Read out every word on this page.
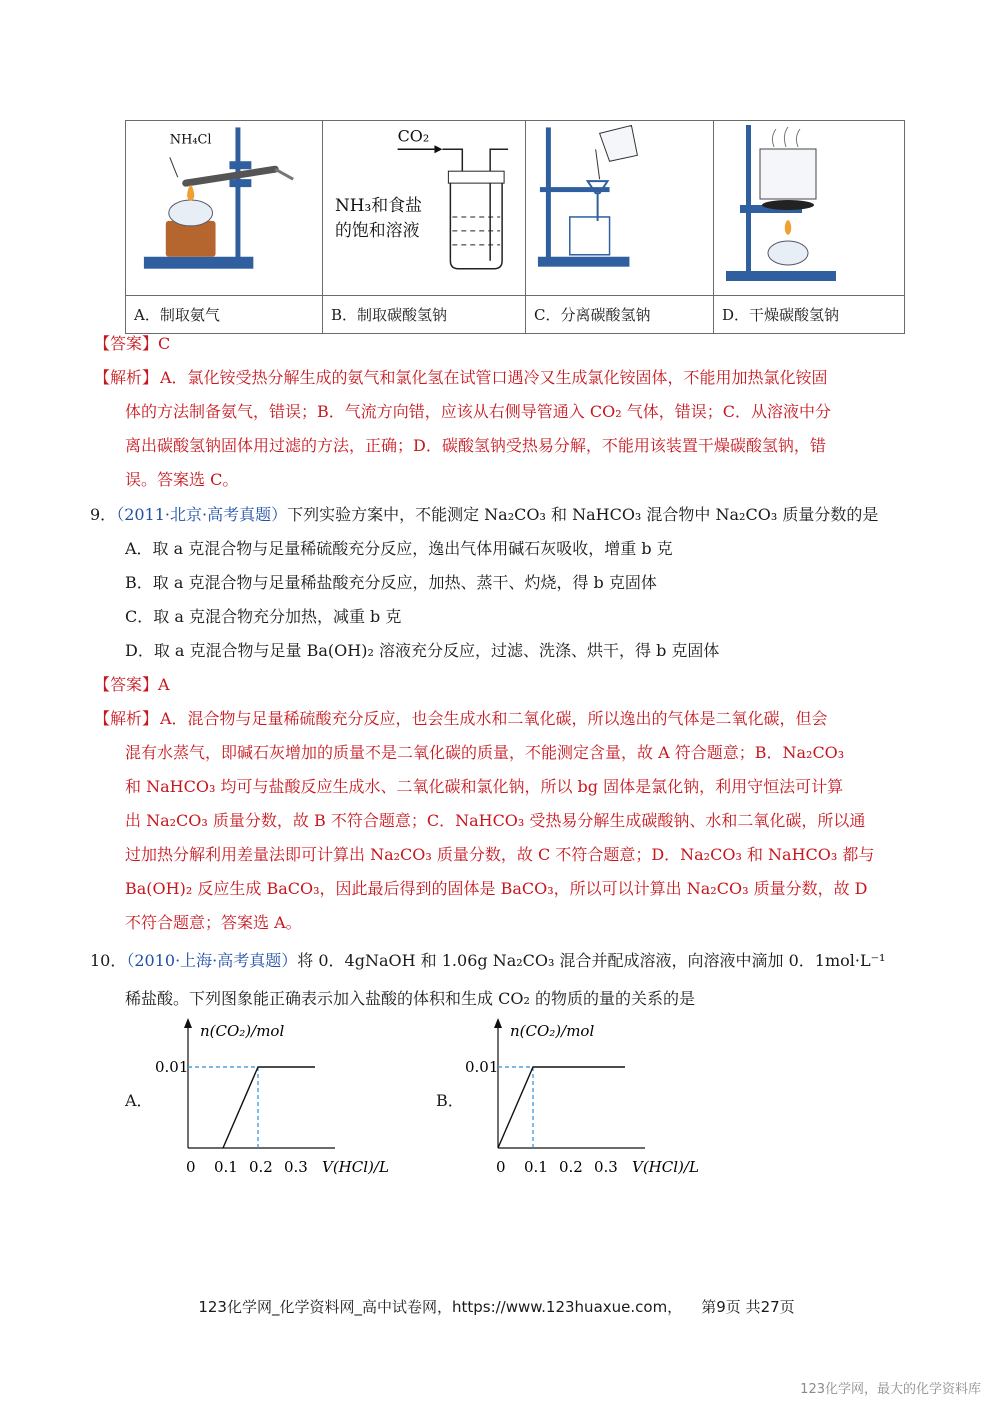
NH₄Cl
A．制取氨气
CO₂
NH₃和食盐
的饱和溶液
B．制取碳酸氢钠	C．分离碳酸氢钠	D．干燥碳酸氢钠
【答案】C
【解析】 A．氯化铵受热分解生成的氨气和氯化氢在试管口遇冷又生成氯化铵固体，不能用加热氯化铵固
体的方法制备氨气，错误；B．气流方向错，应该从右侧导管通入 CO₂ 气体，错误；C．从溶液中分
离出碳酸氢钠固体用过滤的方法，正确；D．碳酸氢钠受热易分解，不能用该装置干燥碳酸氢钠，错
误。答案选 C。
9．（2011·北京·高考真题）下列实验方案中，不能测定 Na₂CO₃ 和 NaHCO₃ 混合物中 Na₂CO₃ 质量分数的是
A．取 a 克混合物与足量稀硫酸充分反应，逸出气体用碱石灰吸收，增重 b 克
B．取 a 克混合物与足量稀盐酸充分反应，加热、蒸干、灼烧，得 b 克固体
C．取 a 克混合物充分加热，减重 b 克
D．取 a 克混合物与足量 Ba(OH)₂ 溶液充分反应，过滤、洗涤、烘干，得 b 克固体
【答案】A
【解析】 A．混合物与足量稀硫酸充分反应，也会生成水和二氧化碳，所以逸出的气体是二氧化碳，但会
混有水蒸气，即碱石灰增加的质量不是二氧化碳的质量，不能测定含量，故 A 符合题意；B．Na₂CO₃
和 NaHCO₃ 均可与盐酸反应生成水、二氧化碳和氯化钠，所以 bg 固体是氯化钠，利用守恒法可计算
出 Na₂CO₃ 质量分数，故 B 不符合题意；C．NaHCO₃ 受热易分解生成碳酸钠、水和二氧化碳，所以通
过加热分解利用差量法即可计算出 Na₂CO₃ 质量分数，故 C 不符合题意；D．Na₂CO₃ 和 NaHCO₃ 都与
Ba(OH)₂ 反应生成 BaCO₃，因此最后得到的固体是 BaCO₃，所以可以计算出 Na₂CO₃ 质量分数，故 D
不符合题意；答案选 A。
10．（2010·上海·高考真题）将 0．4gNaOH 和 1.06g Na₂CO₃ 混合并配成溶液，向溶液中滴加 0．1mol·L⁻¹
稀盐酸。下列图象能正确表示加入盐酸的体积和生成 CO₂ 的物质的量的关系的是
A．
n(CO₂)/mol
0.01
0 0.1 0.2 0.3 V(HCl)/L
B．
n(CO₂)/mol
0.01
0 0.1 0.2 0.3 V(HCl)/L
123化学网_化学资料网_高中试卷网，https://www.123huaxue.com， 第9页 共27页
123化学网，最大的化学资料库
